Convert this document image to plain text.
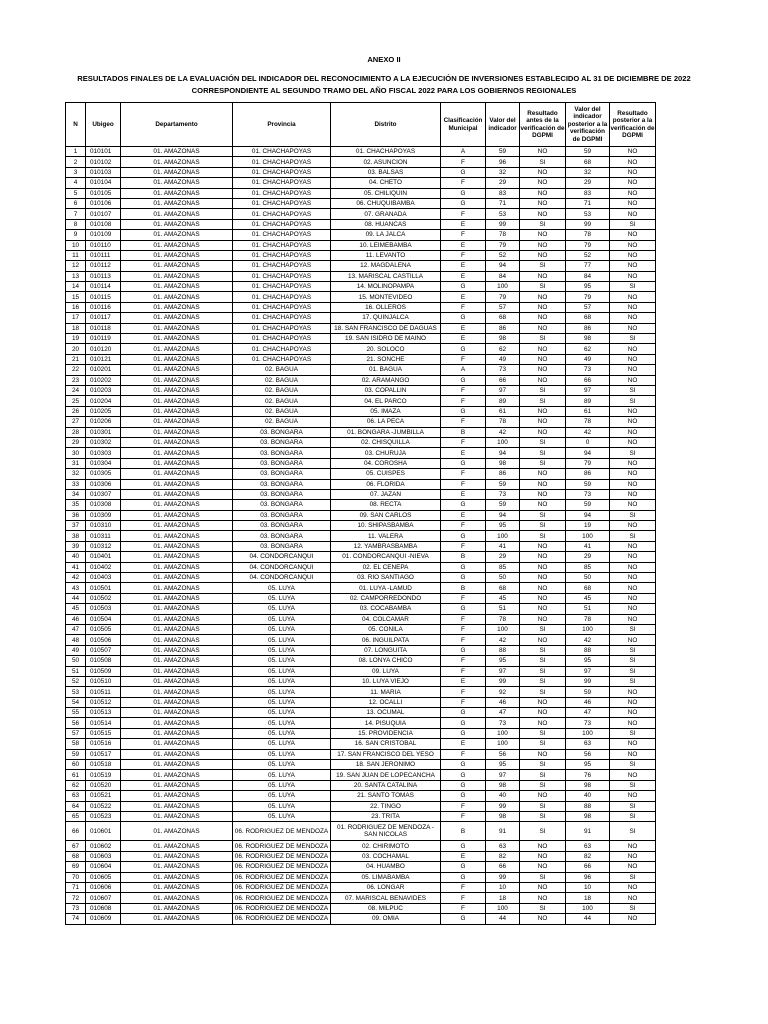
ANEXO II
RESULTADOS FINALES DE LA EVALUACIÓN DEL INDICADOR DEL RECONOCIMIENTO A LA EJECUCIÓN DE INVERSIONES ESTABLECIDO AL 31 DE DICIEMBRE DE 2022
CORRESPONDIENTE AL SEGUNDO TRAMO DEL AÑO FISCAL 2022 PARA LOS GOBIERNOS REGIONALES
N	Ubigeo	Departamento	Provincia	Distrito	Clasificación Municipal	Valor del indicador	Resultado antes de la verificación de DGPMI	Valor del indicador posterior a la verificación de DGPMI	Resultado posterior a la verificación de DGPMI
1	010101	01. AMAZONAS	01. CHACHAPOYAS	01. CHACHAPOYAS	A	59	NO	59	NO
2	010102	01. AMAZONAS	01. CHACHAPOYAS	02. ASUNCION	F	96	SI	68	NO
3	010103	01. AMAZONAS	01. CHACHAPOYAS	03. BALSAS	G	32	NO	32	NO
4	010104	01. AMAZONAS	01. CHACHAPOYAS	04. CHETO	F	29	NO	29	NO
5	010105	01. AMAZONAS	01. CHACHAPOYAS	05. CHILIQUIN	G	83	NO	83	NO
6	010106	01. AMAZONAS	01. CHACHAPOYAS	06. CHUQUIBAMBA	G	71	NO	71	NO
7	010107	01. AMAZONAS	01. CHACHAPOYAS	07. GRANADA	F	53	NO	53	NO
8	010108	01. AMAZONAS	01. CHACHAPOYAS	08. HUANCAS	E	99	SI	99	SI
9	010109	01. AMAZONAS	01. CHACHAPOYAS	09. LA JALCA	F	78	NO	78	NO
10	010110	01. AMAZONAS	01. CHACHAPOYAS	10. LEIMEBAMBA	E	79	NO	79	NO
11	010111	01. AMAZONAS	01. CHACHAPOYAS	11. LEVANTO	F	52	NO	52	NO
12	010112	01. AMAZONAS	01. CHACHAPOYAS	12. MAGDALENA	E	94	SI	77	NO
13	010113	01. AMAZONAS	01. CHACHAPOYAS	13. MARISCAL CASTILLA	E	84	NO	84	NO
14	010114	01. AMAZONAS	01. CHACHAPOYAS	14. MOLINOPAMPA	G	100	SI	95	SI
15	010115	01. AMAZONAS	01. CHACHAPOYAS	15. MONTEVIDEO	E	79	NO	79	NO
16	010116	01. AMAZONAS	01. CHACHAPOYAS	16. OLLEROS	F	57	NO	57	NO
17	010117	01. AMAZONAS	01. CHACHAPOYAS	17. QUINJALCA	G	68	NO	68	NO
18	010118	01. AMAZONAS	01. CHACHAPOYAS	18. SAN FRANCISCO DE DAGUAS	E	86	NO	86	NO
19	010119	01. AMAZONAS	01. CHACHAPOYAS	19. SAN ISIDRO DE MAINO	E	98	SI	98	SI
20	010120	01. AMAZONAS	01. CHACHAPOYAS	20. SOLOCO	G	62	NO	62	NO
21	010121	01. AMAZONAS	01. CHACHAPOYAS	21. SONCHE	F	49	NO	49	NO
22	010201	01. AMAZONAS	02. BAGUA	01. BAGUA	A	73	NO	73	NO
23	010202	01. AMAZONAS	02. BAGUA	02. ARAMANGO	G	66	NO	66	NO
24	010203	01. AMAZONAS	02. BAGUA	03. COPALLIN	F	97	SI	97	SI
25	010204	01. AMAZONAS	02. BAGUA	04. EL PARCO	F	89	SI	89	SI
26	010205	01. AMAZONAS	02. BAGUA	05. IMAZA	G	61	NO	61	NO
27	010206	01. AMAZONAS	02. BAGUA	06. LA PECA	F	78	NO	78	NO
28	010301	01. AMAZONAS	03. BONGARA	01. BONGARA -JUMBILLA	B	42	NO	42	NO
29	010302	01. AMAZONAS	03. BONGARA	02. CHISQUILLA	F	100	SI	0	NO
30	010303	01. AMAZONAS	03. BONGARA	03. CHURUJA	E	94	SI	94	SI
31	010304	01. AMAZONAS	03. BONGARA	04. COROSHA	G	98	SI	79	NO
32	010305	01. AMAZONAS	03. BONGARA	05. CUISPES	F	86	NO	86	NO
33	010306	01. AMAZONAS	03. BONGARA	06. FLORIDA	F	59	NO	59	NO
34	010307	01. AMAZONAS	03. BONGARA	07. JAZAN	E	73	NO	73	NO
35	010308	01. AMAZONAS	03. BONGARA	08. RECTA	G	59	NO	59	NO
36	010309	01. AMAZONAS	03. BONGARA	09. SAN CARLOS	E	94	SI	94	SI
37	010310	01. AMAZONAS	03. BONGARA	10. SHIPASBAMBA	F	95	SI	19	NO
38	010311	01. AMAZONAS	03. BONGARA	11. VALERA	G	100	SI	100	SI
39	010312	01. AMAZONAS	03. BONGARA	12. YAMBRASBAMBA	F	41	NO	41	NO
40	010401	01. AMAZONAS	04. CONDORCANQUI	01. CONDORCANQUI -NIEVA	B	29	NO	29	NO
41	010402	01. AMAZONAS	04. CONDORCANQUI	02. EL CENEPA	G	85	NO	85	NO
42	010403	01. AMAZONAS	04. CONDORCANQUI	03. RIO SANTIAGO	G	50	NO	50	NO
43	010501	01. AMAZONAS	05. LUYA	01. LUYA -LAMUD	B	68	NO	68	NO
44	010502	01. AMAZONAS	05. LUYA	02. CAMPORREDONDO	F	45	NO	45	NO
45	010503	01. AMAZONAS	05. LUYA	03. COCABAMBA	G	51	NO	51	NO
46	010504	01. AMAZONAS	05. LUYA	04. COLCAMAR	F	78	NO	78	NO
47	010505	01. AMAZONAS	05. LUYA	05. CONILA	F	100	SI	100	SI
48	010506	01. AMAZONAS	05. LUYA	06. INGUILPATA	F	42	NO	42	NO
49	010507	01. AMAZONAS	05. LUYA	07. LONGUITA	G	88	SI	88	SI
50	010508	01. AMAZONAS	05. LUYA	08. LONYA CHICO	F	95	SI	95	SI
51	010509	01. AMAZONAS	05. LUYA	09. LUYA	F	97	SI	97	SI
52	010510	01. AMAZONAS	05. LUYA	10. LUYA VIEJO	E	99	SI	99	SI
53	010511	01. AMAZONAS	05. LUYA	11. MARIA	F	92	SI	59	NO
54	010512	01. AMAZONAS	05. LUYA	12. OCALLI	F	46	NO	46	NO
55	010513	01. AMAZONAS	05. LUYA	13. OCUMAL	G	47	NO	47	NO
56	010514	01. AMAZONAS	05. LUYA	14. PISUQUIA	G	73	NO	73	NO
57	010515	01. AMAZONAS	05. LUYA	15. PROVIDENCIA	G	100	SI	100	SI
58	010516	01. AMAZONAS	05. LUYA	16. SAN CRISTOBAL	E	100	SI	63	NO
59	010517	01. AMAZONAS	05. LUYA	17. SAN FRANCISCO DEL YESO	F	56	NO	56	NO
60	010518	01. AMAZONAS	05. LUYA	18. SAN JERONIMO	G	95	SI	95	SI
61	010519	01. AMAZONAS	05. LUYA	19. SAN JUAN DE LOPECANCHA	G	97	SI	76	NO
62	010520	01. AMAZONAS	05. LUYA	20. SANTA CATALINA	G	98	SI	98	SI
63	010521	01. AMAZONAS	05. LUYA	21. SANTO TOMAS	G	40	NO	40	NO
64	010522	01. AMAZONAS	05. LUYA	22. TINGO	F	99	SI	88	SI
65	010523	01. AMAZONAS	05. LUYA	23. TRITA	F	98	SI	98	SI
66	010601	01. AMAZONAS	06. RODRIGUEZ DE MENDOZA	01. RODRIGUEZ DE MENDOZA -SAN NICOLAS	B	91	SI	91	SI
67	010602	01. AMAZONAS	06. RODRIGUEZ DE MENDOZA	02. CHIRIMOTO	G	63	NO	63	NO
68	010603	01. AMAZONAS	06. RODRIGUEZ DE MENDOZA	03. COCHAMAL	E	82	NO	82	NO
69	010604	01. AMAZONAS	06. RODRIGUEZ DE MENDOZA	04. HUAMBO	G	66	NO	66	NO
70	010605	01. AMAZONAS	06. RODRIGUEZ DE MENDOZA	05. LIMABAMBA	G	99	SI	96	SI
71	010606	01. AMAZONAS	06. RODRIGUEZ DE MENDOZA	06. LONGAR	F	10	NO	10	NO
72	010607	01. AMAZONAS	06. RODRIGUEZ DE MENDOZA	07. MARISCAL BENAVIDES	F	18	NO	18	NO
73	010608	01. AMAZONAS	06. RODRIGUEZ DE MENDOZA	08. MILPUC	F	100	SI	100	SI
74	010609	01. AMAZONAS	06. RODRIGUEZ DE MENDOZA	09. OMIA	G	44	NO	44	NO
